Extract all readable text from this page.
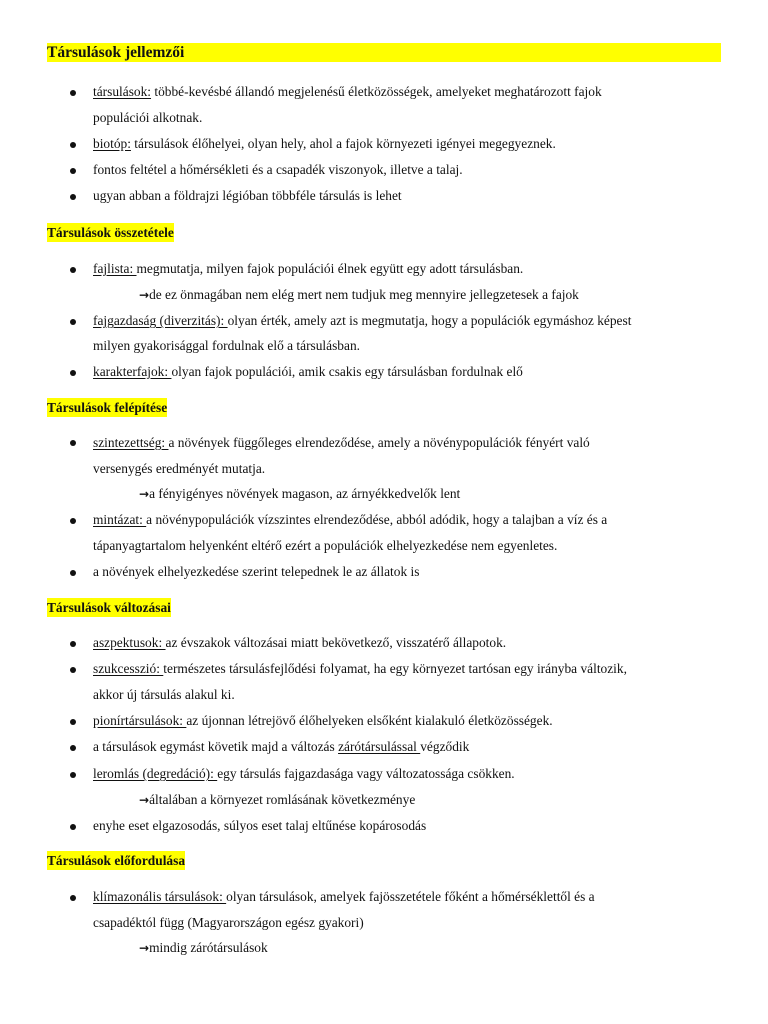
Társulások jellemzői
társulások: többé-kevésbé állandó megjelenésű életközösségek, amelyeket meghatározott fajok
populációi alkotnak.
biotóp: társulások élőhelyei, olyan hely, ahol a fajok környezeti igényei megegyeznek.
fontos feltétel a hőmérsékleti és a csapadék viszonyok, illetve a talaj.
ugyan abban a földrajzi légióban többféle társulás is lehet
Társulások összetétele
fajlista: megmutatja, milyen fajok populációi élnek együtt egy adott társulásban.
→de ez önmagában nem elég mert nem tudjuk meg mennyire jellegzetesek a fajok
fajgazdaság (diverzitás): olyan érték, amely azt is megmutatja, hogy a populációk egymáshoz képest
milyen gyakorisággal fordulnak elő a társulásban.
karakterfajok: olyan fajok populációi, amik csakis egy társulásban fordulnak elő
Társulások felépítése
szintezettség: a növények függőleges elrendeződése, amely a növénypopulációk fényért való
versenygés eredményét mutatja.
→a fényigényes növények magason, az árnyékkedvelők lent
mintázat: a növénypopulációk vízszintes elrendeződése, abból adódik, hogy a talajban a víz és a
tápanyagtartalom helyenként eltérő ezért a populációk elhelyezkedése nem egyenletes.
a növények elhelyezkedése szerint telepednek le az állatok is
Társulások változásai
aszpektusok: az évszakok változásai miatt bekövetkező, visszatérő állapotok.
szukcesszió: természetes társulásfejlődési folyamat, ha egy környezet tartósan egy irányba változik,
akkor új társulás alakul ki.
pionírtársulások: az újonnan létrejövő élőhelyeken elsőként kialakuló életközösségek.
a társulások egymást követik majd a változás zárótársulással végződik
leromlás (degredáció): egy társulás fajgazdasága vagy változatossága csökken.
→általában a környezet romlásának következménye
enyhe eset elgazosodás, súlyos eset talaj eltűnése kopárosodás
Társulások előfordulása
klímazonális társulások: olyan társulások, amelyek fajösszetétele főként a hőmérséklettől és a
csapadéktól függ (Magyarországon egész gyakori)
→mindig zárótársulások
